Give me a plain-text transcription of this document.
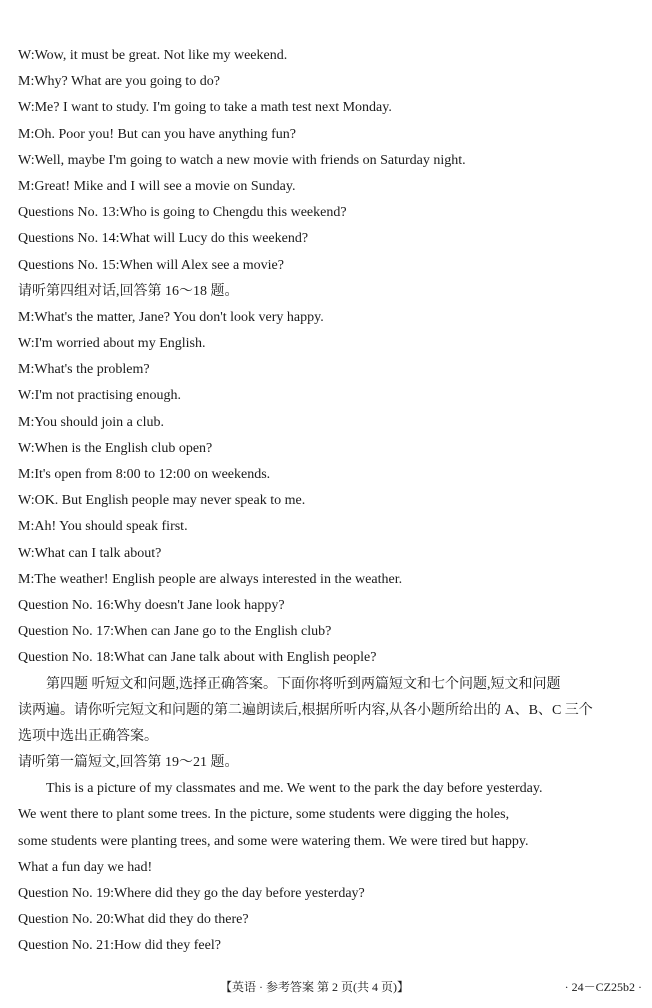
W:Wow, it must be great. Not like my weekend.
M:Why? What are you going to do?
W:Me? I want to study. I'm going to take a math test next Monday.
M:Oh. Poor you! But can you have anything fun?
W:Well, maybe I'm going to watch a new movie with friends on Saturday night.
M:Great! Mike and I will see a movie on Sunday.
Questions No. 13:Who is going to Chengdu this weekend?
Questions No. 14:What will Lucy do this weekend?
Questions No. 15:When will Alex see a movie?
请听第四组对话,回答第 16～18 题。
M:What's the matter, Jane? You don't look very happy.
W:I'm worried about my English.
M:What's the problem?
W:I'm not practising enough.
M:You should join a club.
W:When is the English club open?
M:It's open from 8:00 to 12:00 on weekends.
W:OK. But English people may never speak to me.
M:Ah! You should speak first.
W:What can I talk about?
M:The weather! English people are always interested in the weather.
Question No. 16:Why doesn't Jane look happy?
Question No. 17:When can Jane go to the English club?
Question No. 18:What can Jane talk about with English people?
第四题 听短文和问题,选择正确答案。下面你将听到两篇短文和七个问题,短文和问题
读两遍。请你听完短文和问题的第二遍朗读后,根据所听内容,从各小题所给出的 A、B、C 三个
选项中选出正确答案。
请听第一篇短文,回答第 19～21 题。
This is a picture of my classmates and me. We went to the park the day before yesterday.
We went there to plant some trees. In the picture, some students were digging the holes,
some students were planting trees, and some were watering them. We were tired but happy.
What a fun day we had!
Question No. 19:Where did they go the day before yesterday?
Question No. 20:What did they do there?
Question No. 21:How did they feel?
【英语 · 参考答案 第 2 页(共 4 页)】	· 24－CZ25b2 ·
